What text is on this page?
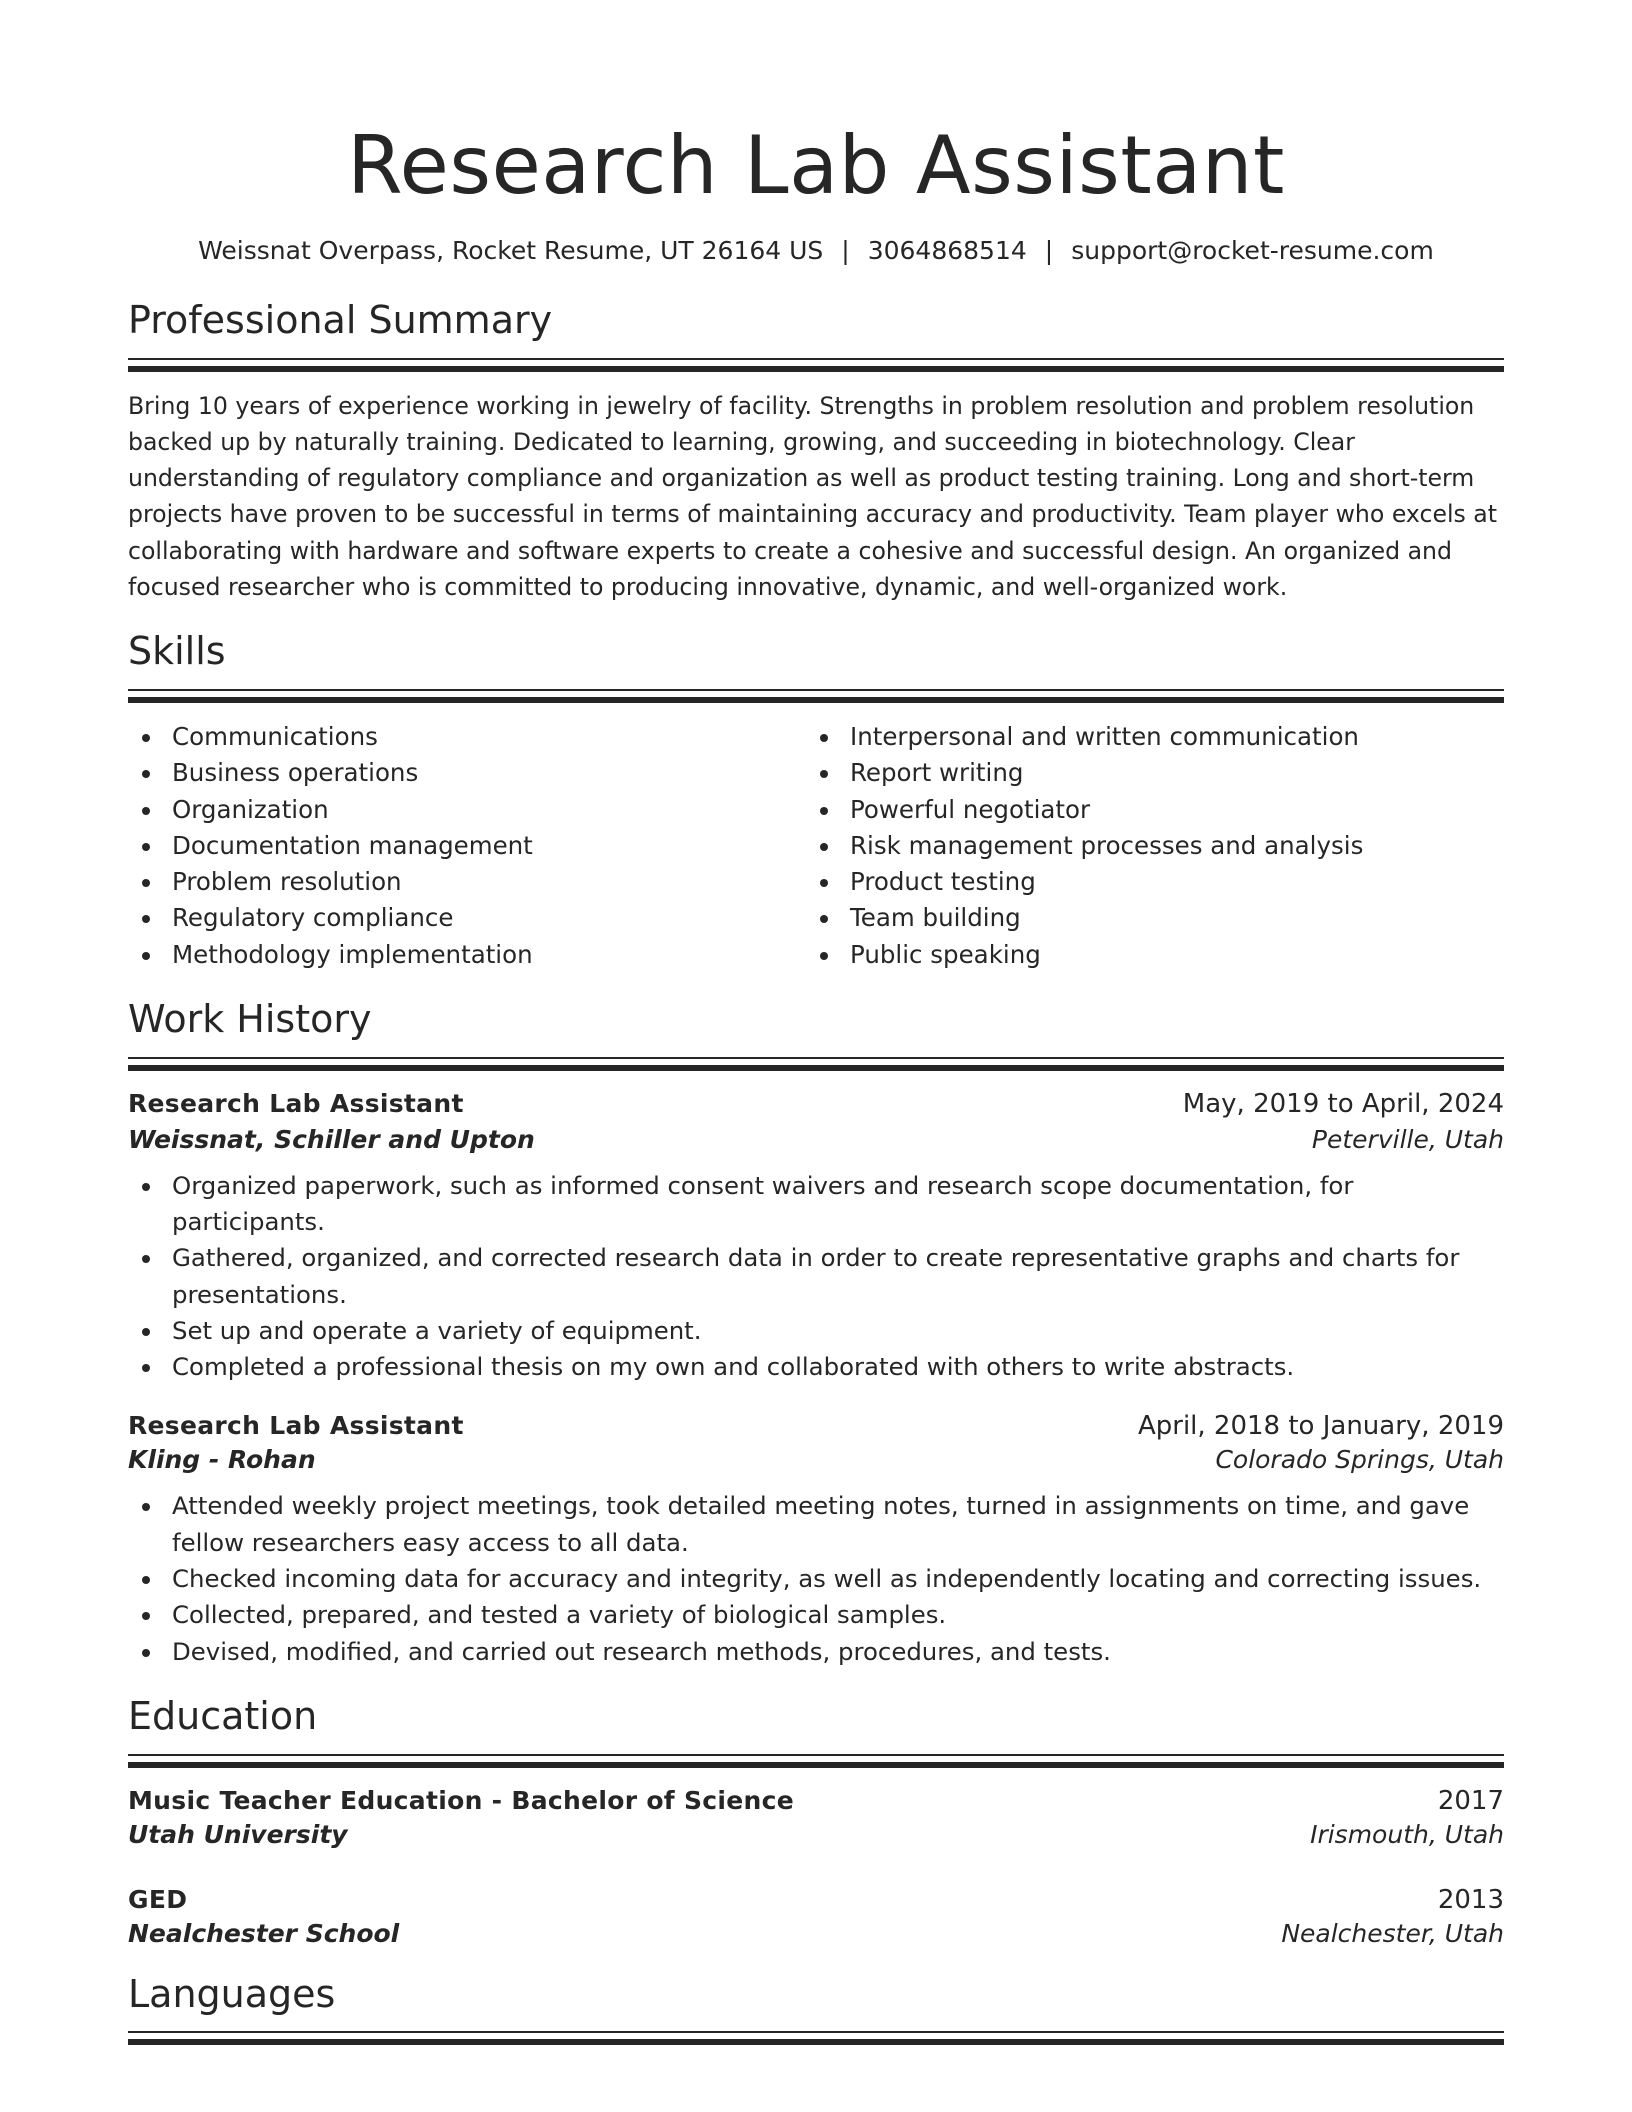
Research Lab Assistant
Weissnat Overpass, Rocket Resume, UT 26164 US | 3064868514 | support@rocket-resume.com
Professional Summary
Bring 10 years of experience working in jewelry of facility. Strengths in problem resolution and problem resolution backed up by naturally training. Dedicated to learning, growing, and succeeding in biotechnology. Clear understanding of regulatory compliance and organization as well as product testing training. Long and short-term projects have proven to be successful in terms of maintaining accuracy and productivity. Team player who excels at collaborating with hardware and software experts to create a cohesive and successful design. An organized and focused researcher who is committed to producing innovative, dynamic, and well-organized work.
Skills
Communications
Business operations
Organization
Documentation management
Problem resolution
Regulatory compliance
Methodology implementation
Interpersonal and written communication
Report writing
Powerful negotiator
Risk management processes and analysis
Product testing
Team building
Public speaking
Work History
Research Lab Assistant	May, 2019 to April, 2024
Weissnat, Schiller and Upton	Peterville, Utah
Organized paperwork, such as informed consent waivers and research scope documentation, for participants.
Gathered, organized, and corrected research data in order to create representative graphs and charts for presentations.
Set up and operate a variety of equipment.
Completed a professional thesis on my own and collaborated with others to write abstracts.
Research Lab Assistant	April, 2018 to January, 2019
Kling - Rohan	Colorado Springs, Utah
Attended weekly project meetings, took detailed meeting notes, turned in assignments on time, and gave fellow researchers easy access to all data.
Checked incoming data for accuracy and integrity, as well as independently locating and correcting issues.
Collected, prepared, and tested a variety of biological samples.
Devised, modified, and carried out research methods, procedures, and tests.
Education
Music Teacher Education - Bachelor of Science	2017
Utah University	Irismouth, Utah
GED	2013
Nealchester School	Nealchester, Utah
Languages
